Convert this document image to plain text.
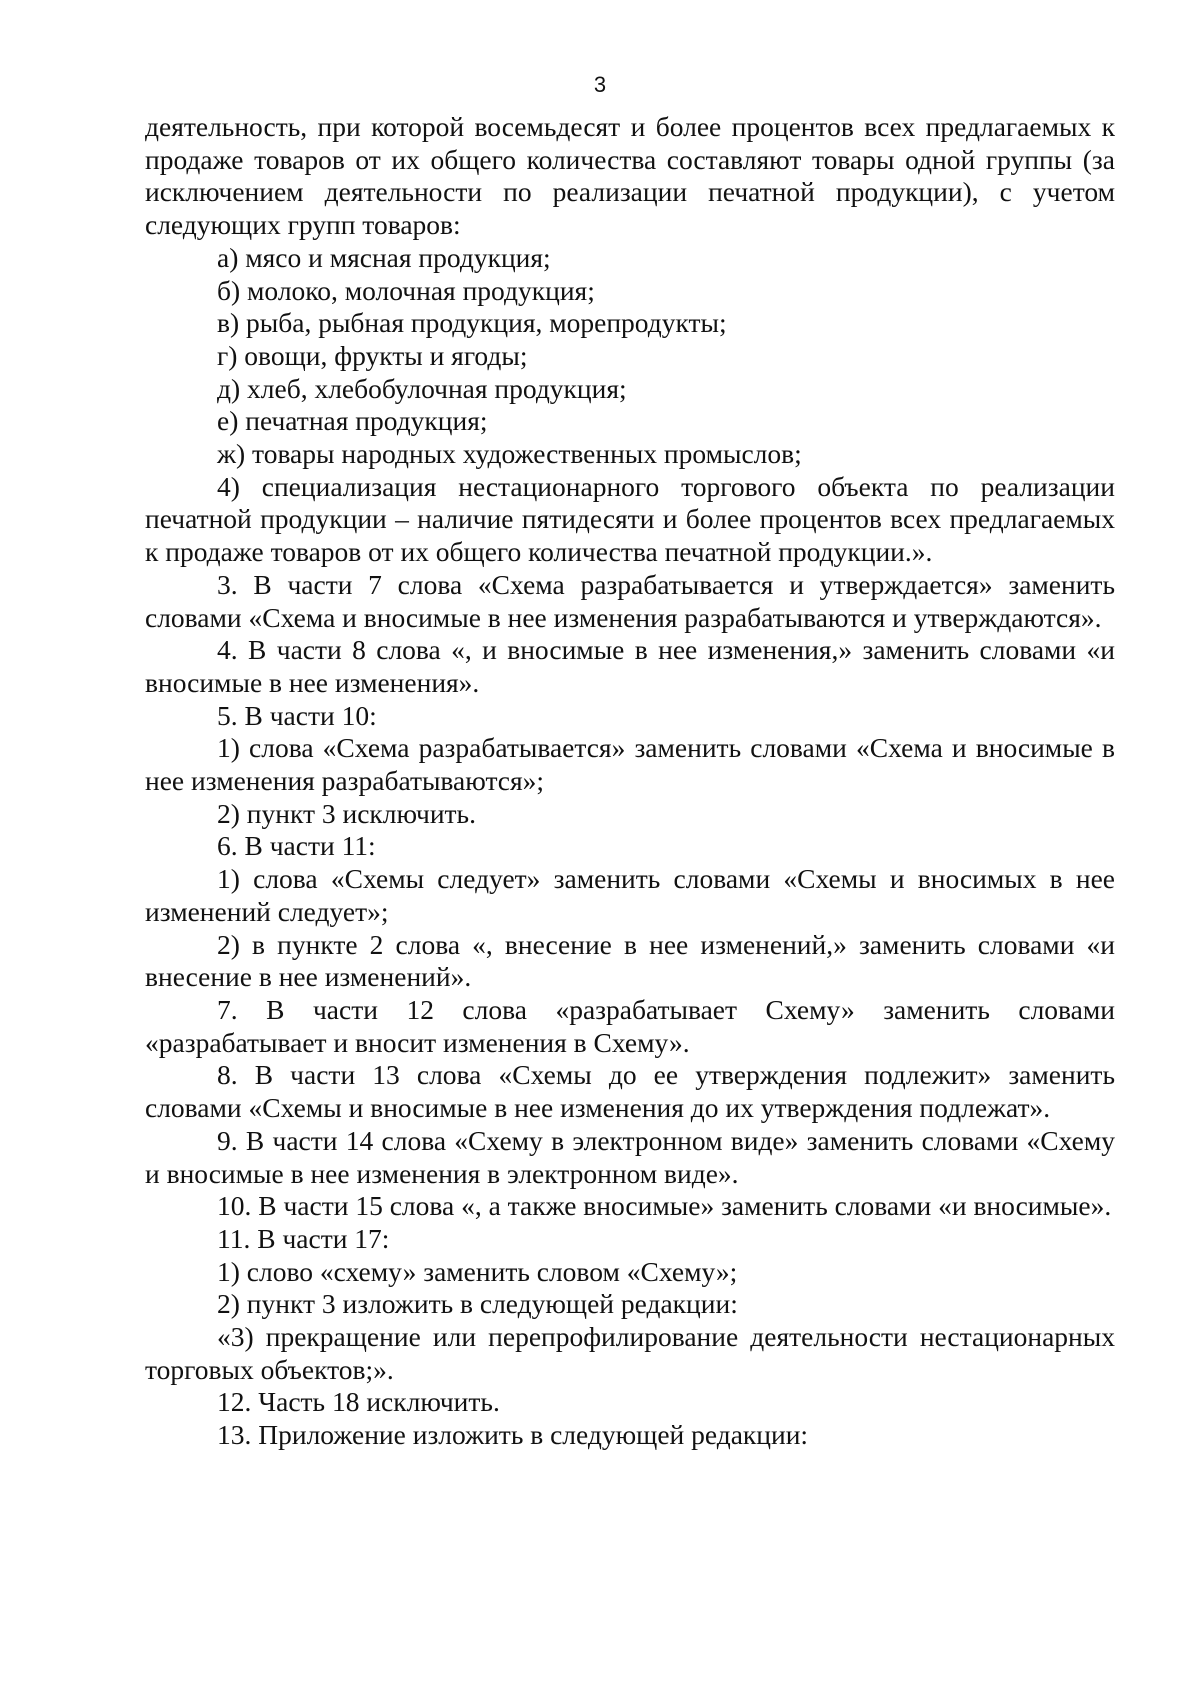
3

деятельность, при которой восемьдесят и более процентов всех предлагаемых к продаже товаров от их общего количества составляют товары одной группы (за исключением деятельности по реализации печатной продукции), с учетом следующих групп товаров:

а) мясо и мясная продукция;

б) молоко, молочная продукция;

в) рыба, рыбная продукция, морепродукты;

г) овощи, фрукты и ягоды;

д) хлеб, хлебобулочная продукция;

е) печатная продукция;

ж) товары народных художественных промыслов;

4) специализация нестационарного торгового объекта по реализации печатной продукции – наличие пятидесяти и более процентов всех предлагаемых к продаже товаров от их общего количества печатной продукции.».

3. В части 7 слова «Схема разрабатывается и утверждается» заменить словами «Схема и вносимые в нее изменения разрабатываются и утверждаются».

4. В части 8 слова «, и вносимые в нее изменения,» заменить словами «и вносимые в нее изменения».

5. В части 10:

1) слова «Схема разрабатывается» заменить словами «Схема и вносимые в нее изменения разрабатываются»;

2) пункт 3 исключить.

6. В части 11:

1) слова «Схемы следует» заменить словами «Схемы и вносимых в нее изменений следует»;

2) в пункте 2 слова «, внесение в нее изменений,» заменить словами «и внесение в нее изменений».

7. В части 12 слова «разрабатывает Схему» заменить словами «разрабатывает и вносит изменения в Схему».

8. В части 13 слова «Схемы до ее утверждения подлежит» заменить словами «Схемы и вносимые в нее изменения до их утверждения подлежат».

9. В части 14 слова «Схему в электронном виде» заменить словами «Схему и вносимые в нее изменения в электронном виде».

10. В части 15 слова «, а также вносимые» заменить словами «и вносимые».

11. В части 17:

1) слово «схему» заменить словом «Схему»;

2) пункт 3 изложить в следующей редакции:

«3) прекращение или перепрофилирование деятельности нестационарных торговых объектов;».

12. Часть 18 исключить.

13. Приложение изложить в следующей редакции:
